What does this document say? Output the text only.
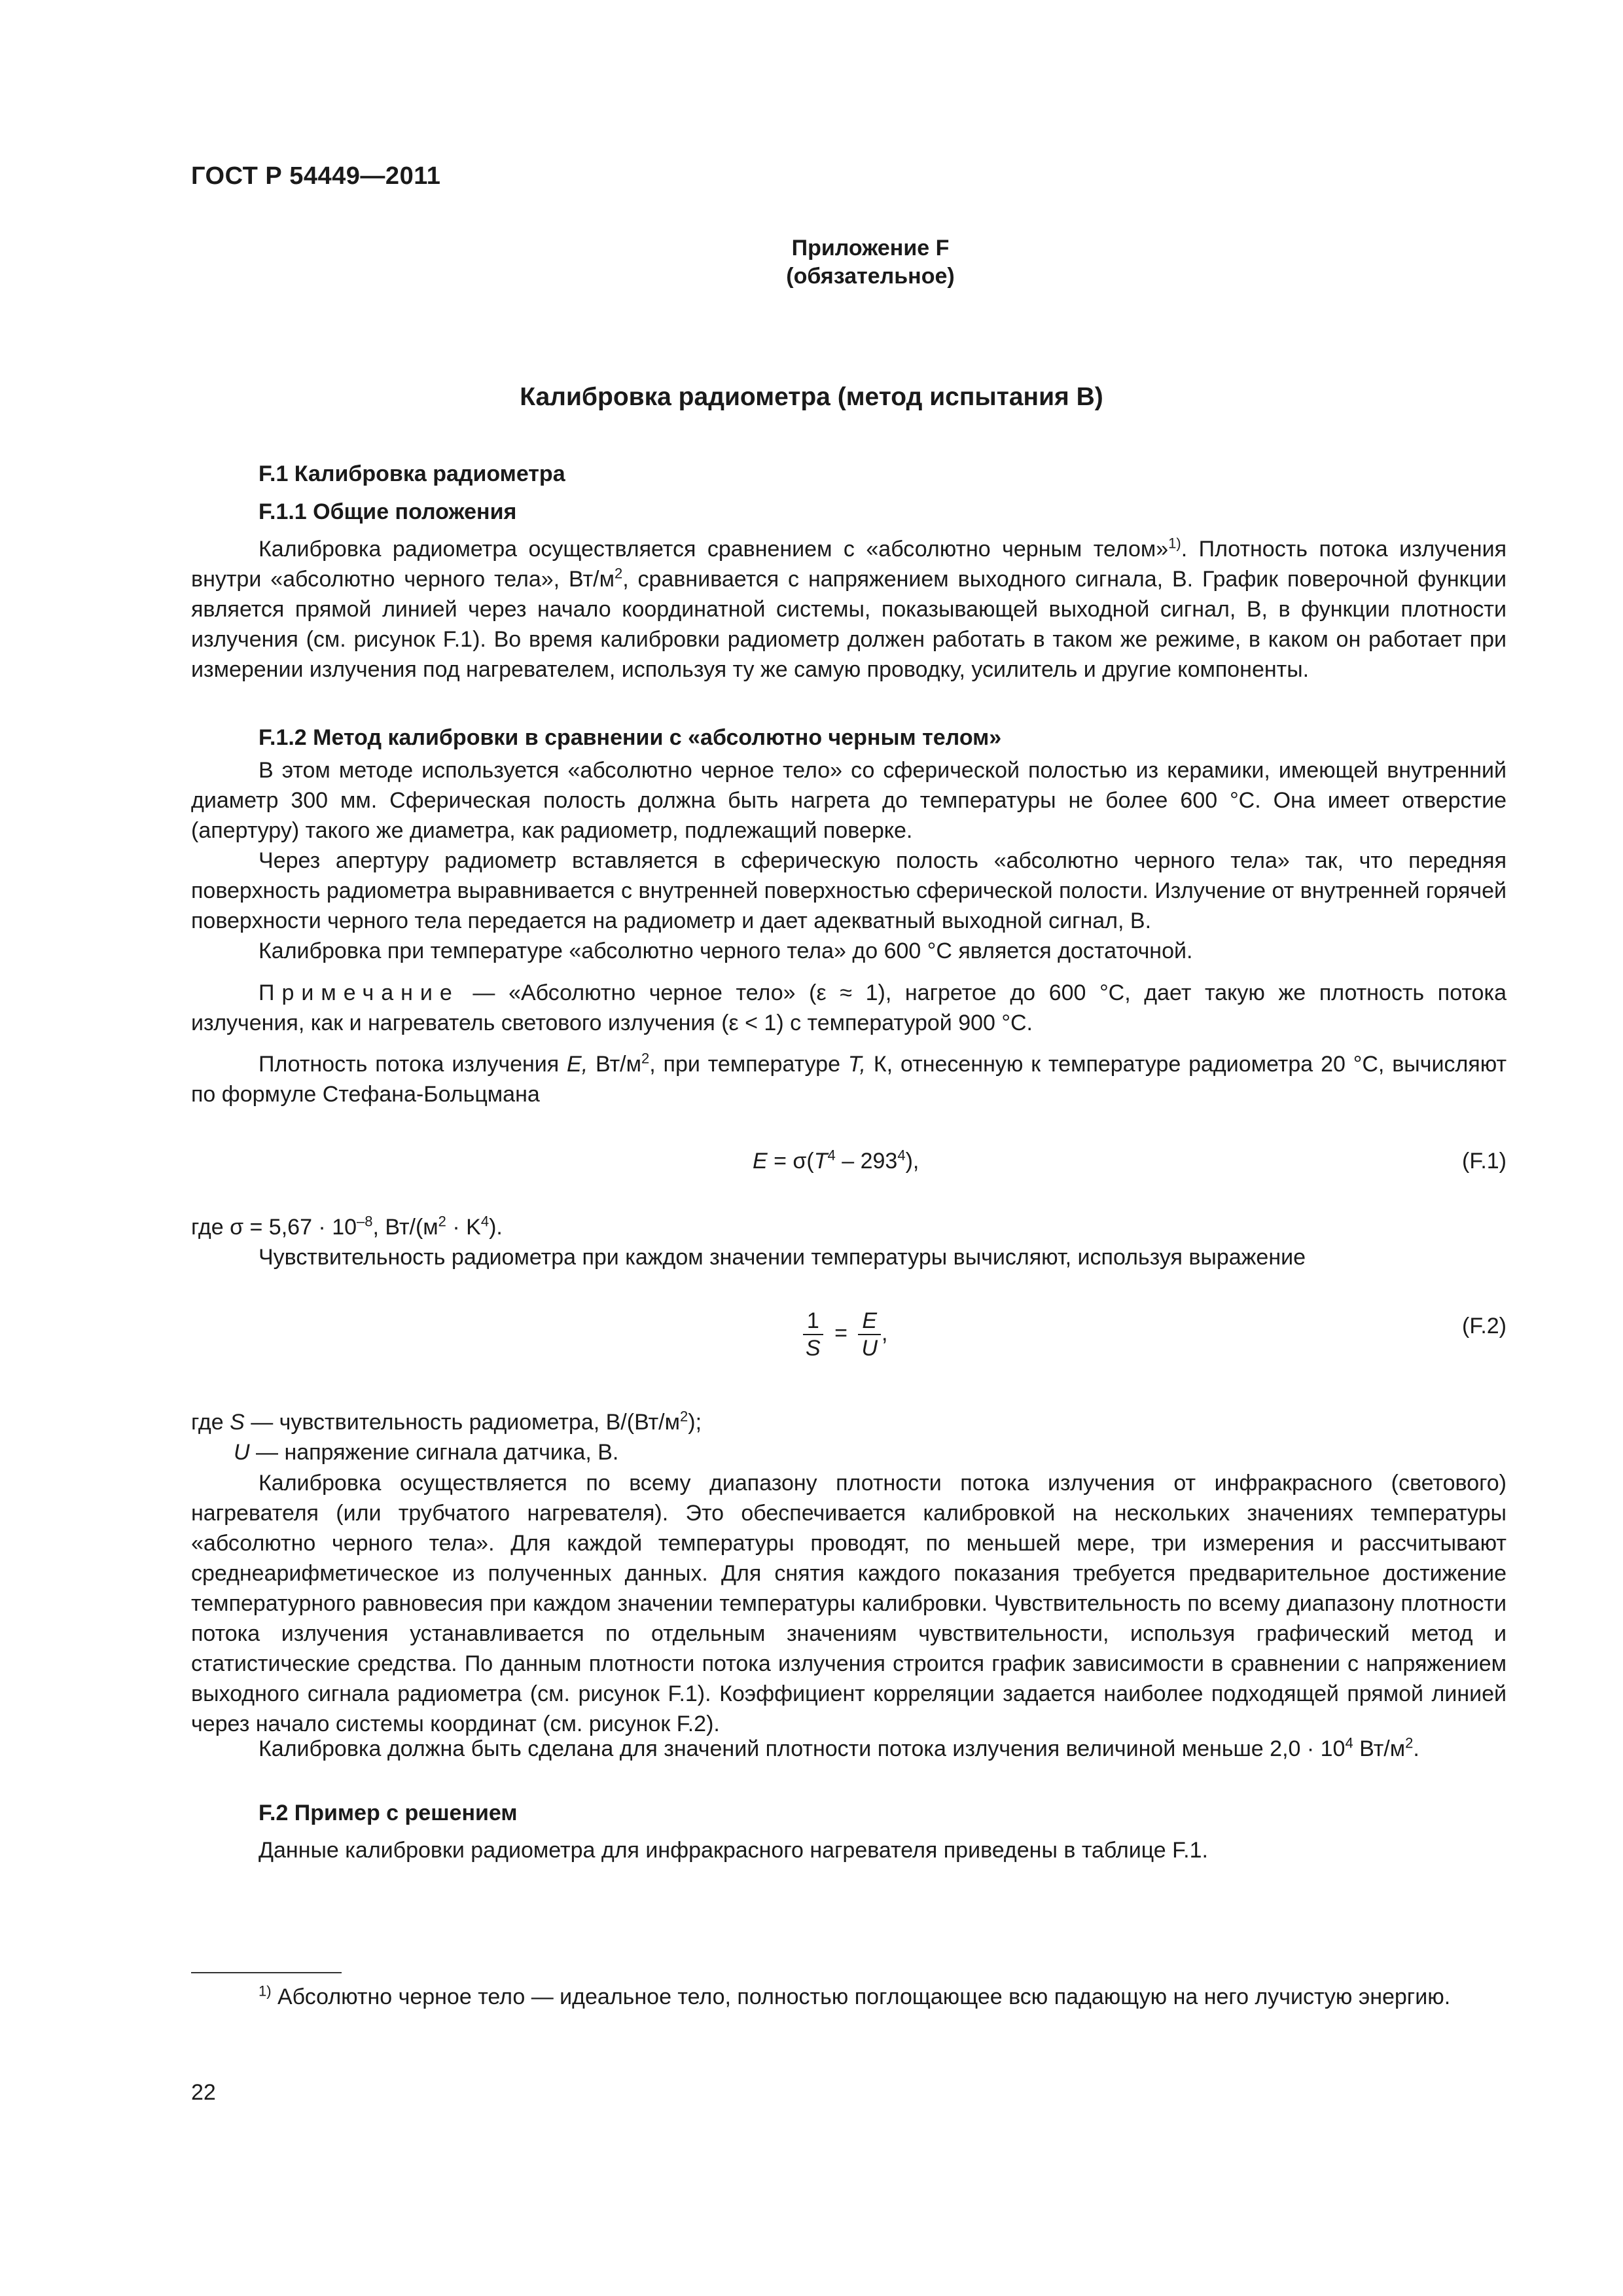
ГОСТ Р 54449—2011
Приложение F
(обязательное)
Калибровка радиометра (метод испытания B)
F.1 Калибровка радиометра
F.1.1 Общие положения

Калибровка радиометра осуществляется сравнением с «абсолютно черным телом»$^{1)}$. Плотность потока излучения внутри «абсолютно черного тела», $Вт/м^2$, сравнивается с напряжением выходного сигнала, В. График поверочной функции является прямой линией через начало координатной системы, показывающей выходной сигнал, В, в функции плотности излучения (см. рисунок F.1). Во время калибровки радиометр должен работать в таком же режиме, в каком он работает при измерении излучения под нагревателем, используя ту же самую проводку, усилитель и другие компоненты.

F.1.2 Метод калибровки в сравнении с «абсолютно черным телом»

В этом методе используется «абсолютно черное тело» со сферической полостью из керамики, имеющей внутренний диаметр 300 мм. Сферическая полость должна быть нагрета до температуры не более 600 °С. Она имеет отверстие (апертуру) такого же диаметра, как радиометр, подлежащий поверке.

Через апертуру радиометр вставляется в сферическую полость «абсолютно черного тела» так, что передняя поверхность радиометра выравнивается с внутренней поверхностью сферической полости. Излучение от внутренней горячей поверхности черного тела передается на радиометр и дает адекватный выходной сигнал, В.

Калибровка при температуре «абсолютно черного тела» до 600 °С является достаточной.

Примечание — «Абсолютно черное тело» (ε ≈ 1), нагретое до 600 °С, дает такую же плотность потока излучения, как и нагреватель светового излучения (ε < 1) с температурой 900 °С.

Плотность потока излучения E, $Вт/м^2$, при температуре T, К, отнесенную к температуре радиометра 20 °С, вычисляют по формуле Стефана-Больцмана

$E = \sigma(T^4 - 293^4)$,	(F.1)

где $\sigma = 5,67 \cdot 10^{-8}$, $Вт/(м^2 \cdot K^4)$.

Чувствительность радиометра при каждом значении температуры вычисляют, используя выражение

$\frac{1}{S} = \frac{E}{U}$ ,	(F.2)

где S — чувствительность радиометра, $В/(Вт/м^2)$;

U — напряжение сигнала датчика, В.

Калибровка осуществляется по всему диапазону плотности потока излучения от инфракрасного (светового) нагревателя (или трубчатого нагревателя). Это обеспечивается калибровкой на нескольких значениях температуры «абсолютно черного тела». Для каждой температуры проводят, по меньшей мере, три измерения и рассчитывают среднеарифметическое из полученных данных. Для снятия каждого показания требуется предварительное достижение температурного равновесия при каждом значении температуры калибровки. Чувствительность по всему диапазону плотности потока излучения устанавливается по отдельным значениям чувствительности, используя графический метод и статистические средства. По данным плотности потока излучения строится график зависимости в сравнении с напряжением выходного сигнала радиометра (см. рисунок F.1). Коэффициент корреляции задается наиболее подходящей прямой линией через начало системы координат (см. рисунок F.2).

Калибровка должна быть сделана для значений плотности потока излучения величиной меньше $2,0 \cdot 10^4$ $Вт/м^2$.

F.2 Пример с решением

Данные калибровки радиометра для инфракрасного нагревателя приведены в таблице F.1.

$^{1)}$ Абсолютно черное тело — идеальное тело, полностью поглощающее всю падающую на него лучистую энергию.

22
